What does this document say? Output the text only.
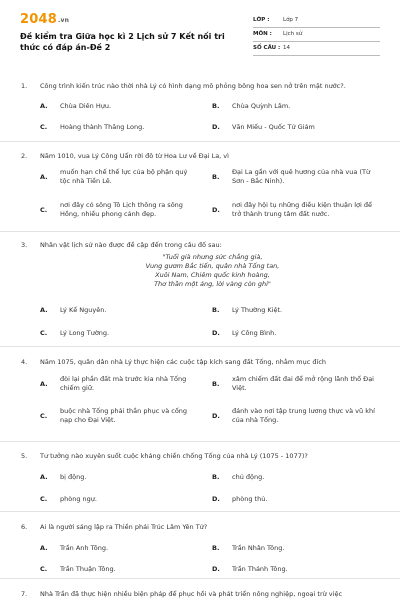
2048.vn
Đề kiểm tra Giữa học kì 2 Lịch sử 7 Kết nối tri thức có đáp án-Đề 2
LỚP : Lớp 7
MÔN : Lịch sử
SỐ CÂU : 14
1. Công trình kiến trúc nào thời nhà Lý có hình dạng mô phỏng bông hoa sen nở trên mặt nước?.
A. Chùa Diên Hựu.	B. Chùa Quỳnh Lâm.
C. Hoàng thành Thăng Long.	D. Văn Miếu - Quốc Tử Giám
2. Năm 1010, vua Lý Công Uẩn rời đô từ Hoa Lư về Đại La, vì
A.
muốn hạn chế thế lực của bộ phận quý tộc nhà Tiền Lê.	B.
Đại La gần với quê hương của nhà vua (Từ Sơn - Bắc Ninh).
C.
nơi đây có sông Tô Lịch thông ra sông Hồng, nhiều phong cảnh đẹp.	D.
nơi đây hội tụ những điều kiện thuận lợi để trở thành trung tâm đất nước.
3. Nhân vật lịch sử nào được đề cập đến trong câu đố sau:
"Tuổi già nhưng sức chẳng già,
Vung gươm Bắc tiến, quân nhà Tống tan,
Xuôi Nam, Chiêm quốc kinh hoàng,
Thơ thần một áng, lời vàng còn ghi"
A. Lý Kế Nguyên.	B. Lý Thường Kiệt.
C. Lý Long Tường.	D. Lý Công Bình.
4. Năm 1075, quân dân nhà Lý thực hiện các cuộc tập kích sang đất Tống, nhằm mục đích
A.
đòi lại phần đất mà trước kia nhà Tống chiếm giữ.	B.
xâm chiếm đất đai để mở rộng lãnh thổ Đại Việt.
C.
buộc nhà Tống phải thần phục và cống nạp cho Đại Việt.	D.
đánh vào nơi tập trung lương thực và vũ khí của nhà Tống.
5. Tư tưởng nào xuyên suốt cuộc kháng chiến chống Tống của nhà Lý (1075 - 1077)?
A. bị động.	B. chủ động.
C. phòng ngự.	D. phòng thủ.
6. Ai là người sáng lập ra Thiền phái Trúc Lâm Yên Tử?
A. Trần Anh Tông.	B. Trần Nhân Tông.
C. Trần Thuận Tông.	D. Trần Thánh Tông.
7. Nhà Trần đã thực hiện nhiều biện pháp để phục hồi và phát triển nông nghiệp, ngoại trừ việc
